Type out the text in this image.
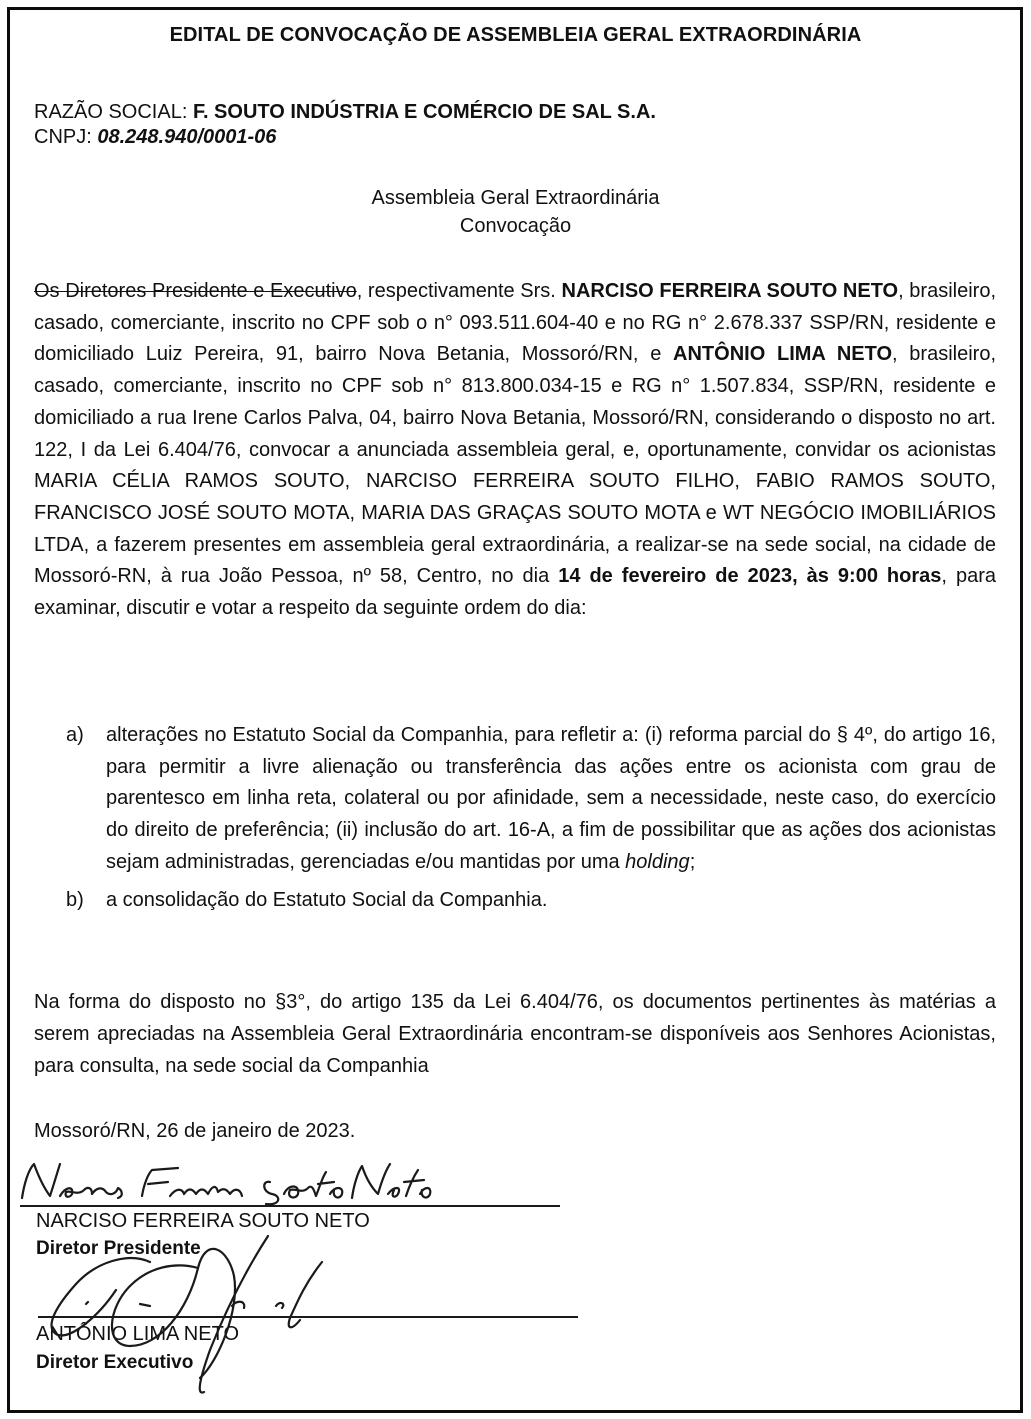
EDITAL DE CONVOCAÇÃO DE ASSEMBLEIA GERAL EXTRAORDINÁRIA
RAZÃO SOCIAL: F. SOUTO INDÚSTRIA E COMÉRCIO DE SAL S.A.
CNPJ: 08.248.940/0001-06
Assembleia Geral Extraordinária
Convocação

Os Diretores Presidente e Executivo, respectivamente Srs. NARCISO FERREIRA SOUTO NETO, brasileiro, casado, comerciante, inscrito no CPF sob o n° 093.511.604-40 e no RG n° 2.678.337 SSP/RN, residente e domiciliado Luiz Pereira, 91, bairro Nova Betania, Mossoró/RN, e ANTÔNIO LIMA NETO, brasileiro, casado, comerciante, inscrito no CPF sob n° 813.800.034-15 e RG n° 1.507.834, SSP/RN, residente e domiciliado a rua Irene Carlos Palva, 04, bairro Nova Betania, Mossoró/RN, considerando o disposto no art. 122, I da Lei 6.404/76, convocar a anunciada assembleia geral, e, oportunamente, convidar os acionistas MARIA CÉLIA RAMOS SOUTO, NARCISO FERREIRA SOUTO FILHO, FABIO RAMOS SOUTO, FRANCISCO JOSÉ SOUTO MOTA, MARIA DAS GRAÇAS SOUTO MOTA e WT NEGÓCIO IMOBILIÁRIOS LTDA, a fazerem presentes em assembleia geral extraordinária, a realizar-se na sede social, na cidade de Mossoró-RN, à rua João Pessoa, nº 58, Centro, no dia 14 de fevereiro de 2023, às 9:00 horas, para examinar, discutir e votar a respeito da seguinte ordem do dia:

a)	alterações no Estatuto Social da Companhia, para refletir a: (i) reforma parcial do § 4º, do artigo 16, para permitir a livre alienação ou transferência das ações entre os acionista com grau de parentesco em linha reta, colateral ou por afinidade, sem a necessidade, neste caso, do exercício do direito de preferência; (ii) inclusão do art. 16-A, a fim de possibilitar que as ações dos acionistas sejam administradas, gerenciadas e/ou mantidas por uma holding;
b)	a consolidação do Estatuto Social da Companhia.
Na forma do disposto no §3°, do artigo 135 da Lei 6.404/76, os documentos pertinentes às matérias a serem apreciadas na Assembleia Geral Extraordinária encontram-se disponíveis aos Senhores Acionistas, para consulta, na sede social da Companhia
Mossoró/RN, 26 de janeiro de 2023.
NARCISO FERREIRA SOUTO NETO
Diretor Presidente
ANTÔNIO LIMA NETO
Diretor Executivo
